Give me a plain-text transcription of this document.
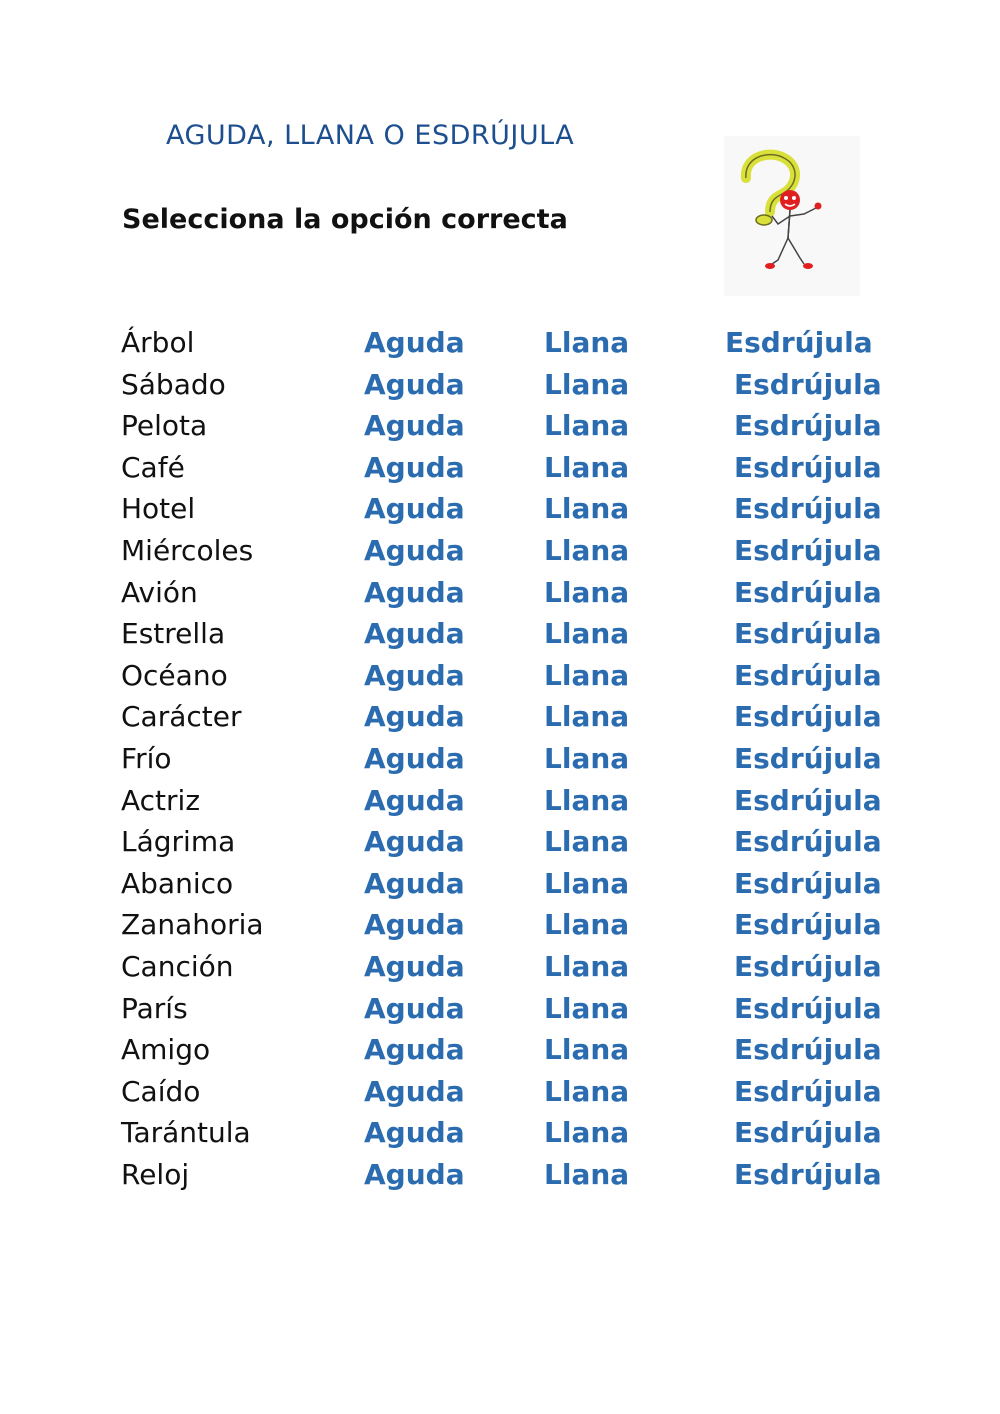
AGUDA, LLANA O ESDRÚJULA
Selecciona la opción correcta
Árbol	Aguda	Llana	Esdrújula
Sábado	Aguda	Llana	Esdrújula
Pelota	Aguda	Llana	Esdrújula
Café	Aguda	Llana	Esdrújula
Hotel	Aguda	Llana	Esdrújula
Miércoles	Aguda	Llana	Esdrújula
Avión	Aguda	Llana	Esdrújula
Estrella	Aguda	Llana	Esdrújula
Océano	Aguda	Llana	Esdrújula
Carácter	Aguda	Llana	Esdrújula
Frío	Aguda	Llana	Esdrújula
Actriz	Aguda	Llana	Esdrújula
Lágrima	Aguda	Llana	Esdrújula
Abanico	Aguda	Llana	Esdrújula
Zanahoria	Aguda	Llana	Esdrújula
Canción	Aguda	Llana	Esdrújula
París	Aguda	Llana	Esdrújula
Amigo	Aguda	Llana	Esdrújula
Caído	Aguda	Llana	Esdrújula
Tarántula	Aguda	Llana	Esdrújula
Reloj	Aguda	Llana	Esdrújula
